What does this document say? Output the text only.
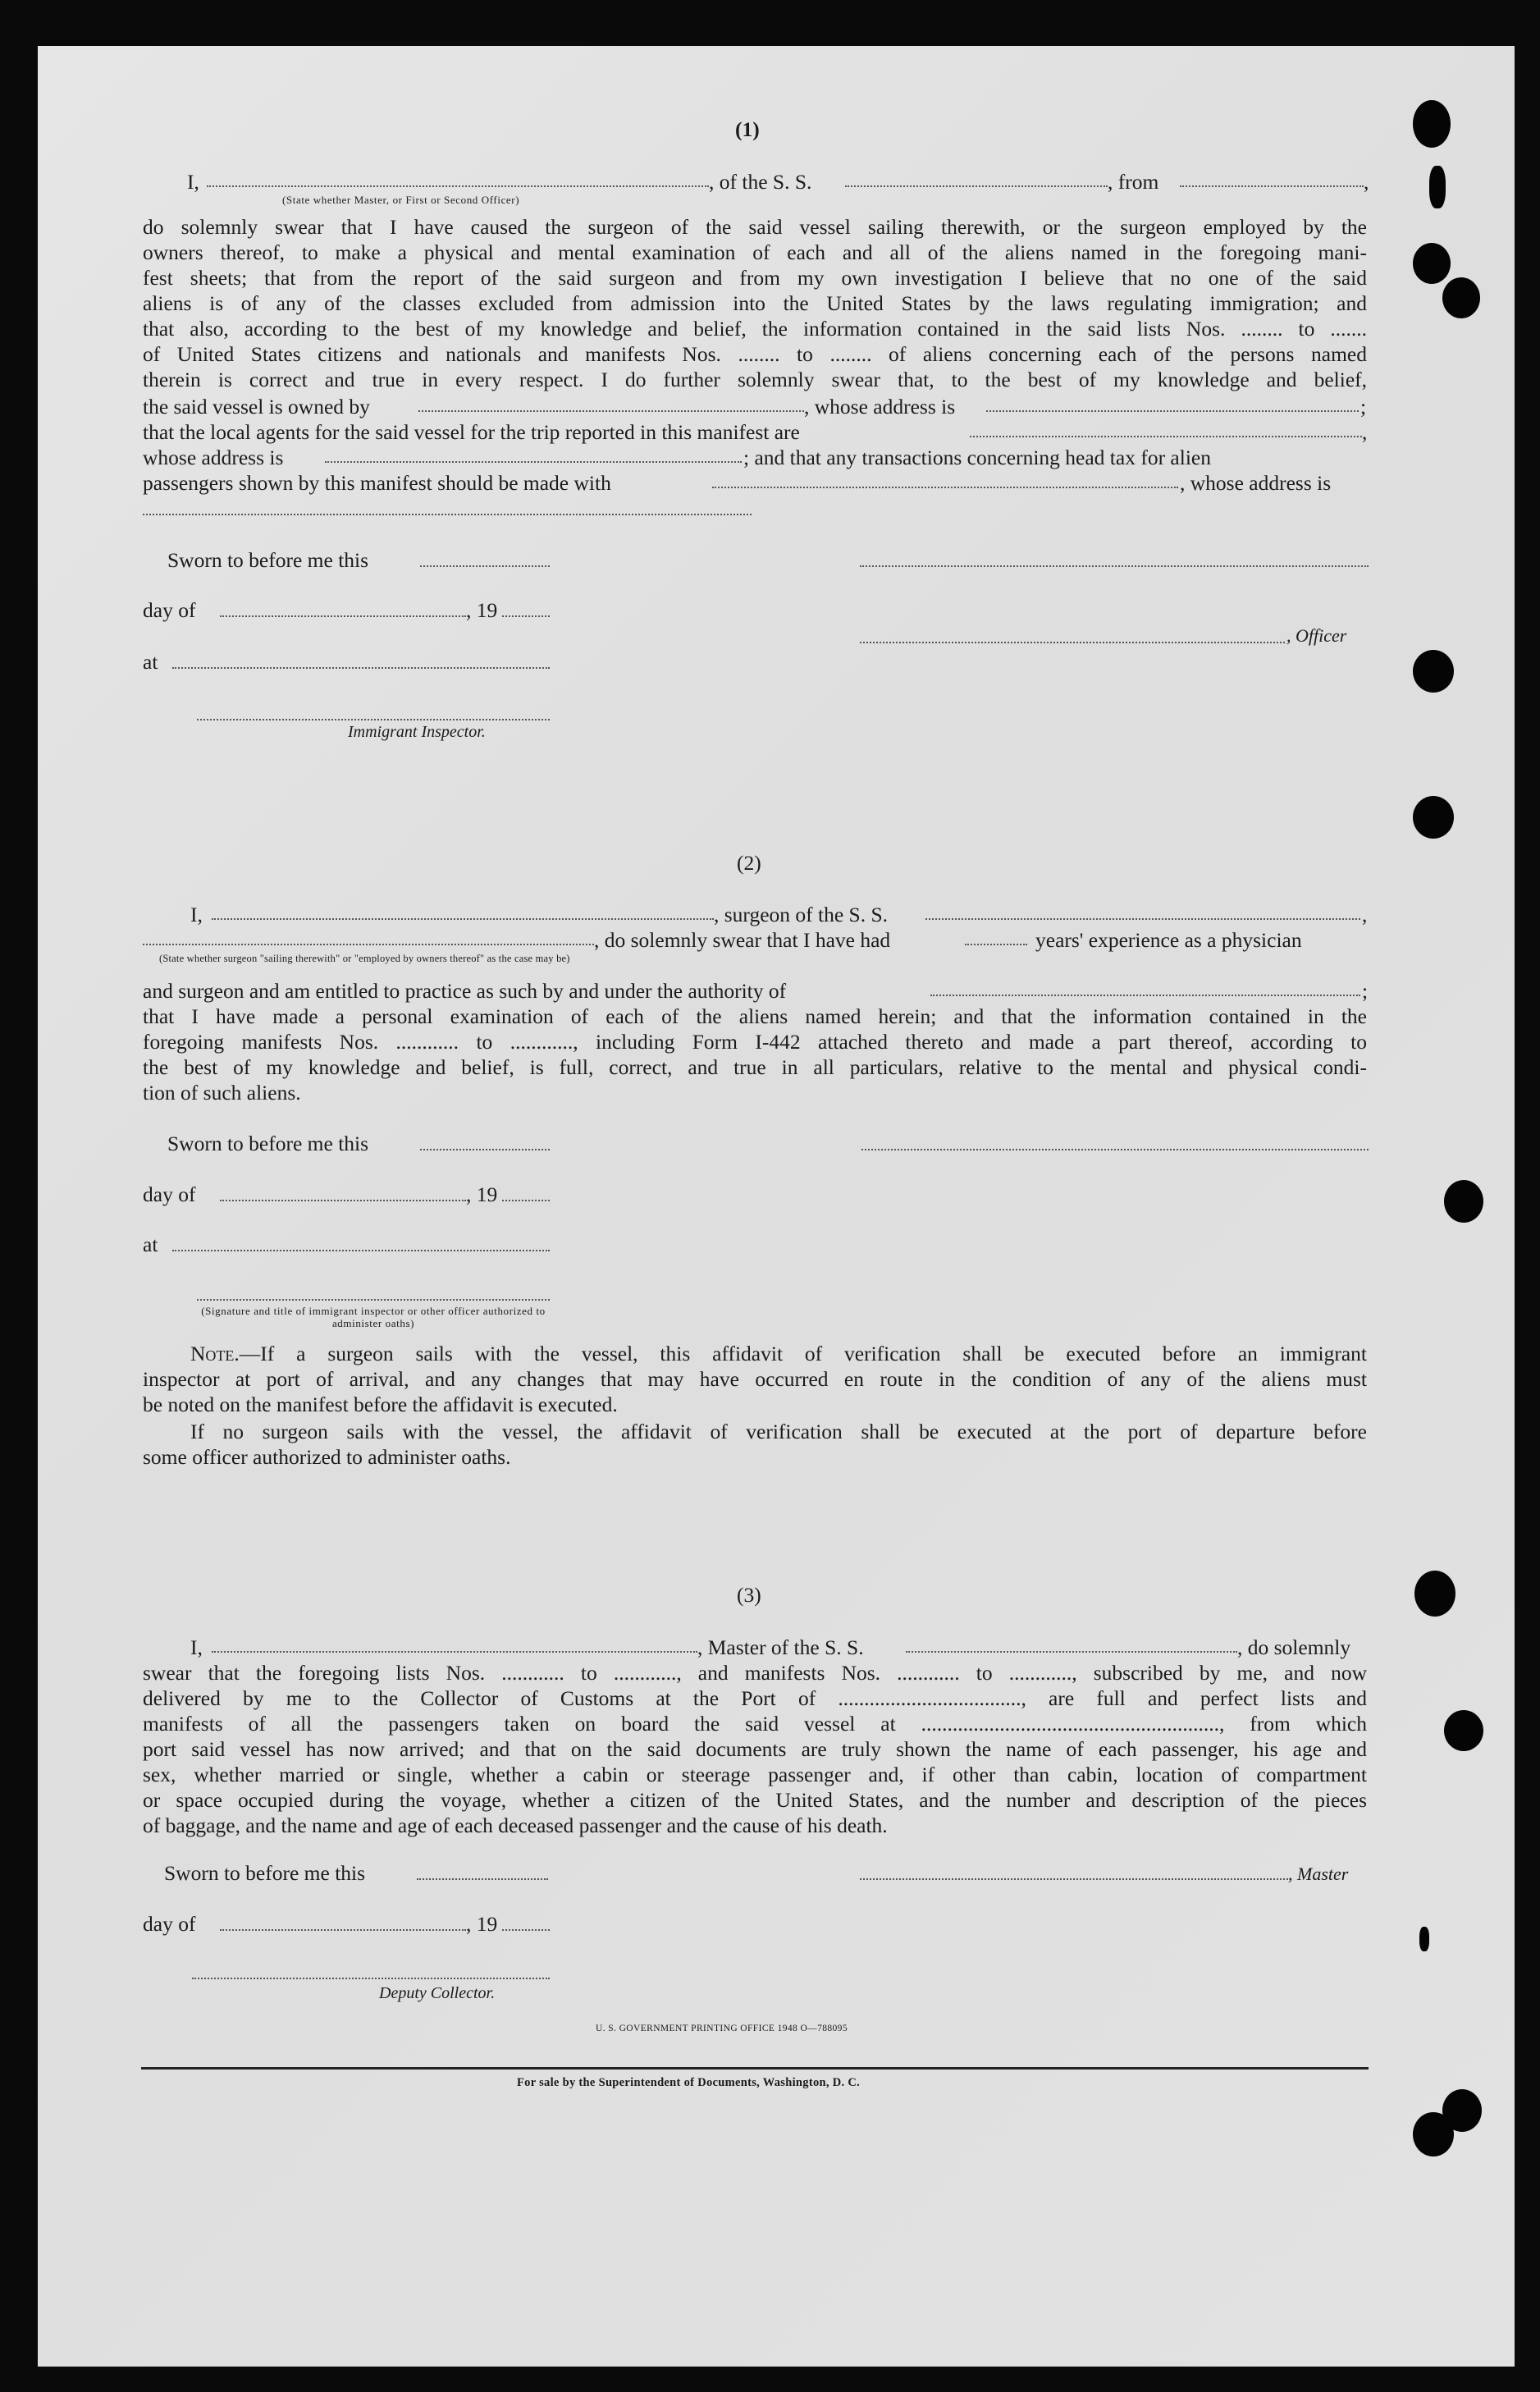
(1)
I,	, of the S. S.	, from	,
(State whether Master, or First or Second Officer)
do solemnly swear that I have caused the surgeon of the said vessel sailing therewith, or the surgeon employed by the
owners thereof, to make a physical and mental examination of each and all of the aliens named in the foregoing mani-
fest sheets; that from the report of the said surgeon and from my own investigation I believe that no one of the said
aliens is of any of the classes excluded from admission into the United States by the laws regulating immigration; and
that also, according to the best of my knowledge and belief, the information contained in the said lists Nos. ........ to .......
of United States citizens and nationals and manifests Nos. ........ to ........ of aliens concerning each of the persons named
therein is correct and true in every respect. I do further solemnly swear that, to the best of my knowledge and belief,
the said vessel is owned by	, whose address is	;
that the local agents for the said vessel for the trip reported in this manifest are	,
whose address is	; and that any transactions concerning head tax for alien
passengers shown by this manifest should be made with	, whose address is
Sworn to before me this
day of	, 19
, Officer
at
Immigrant Inspector.
(2)
I,	, surgeon of the S. S.	,
, do solemnly swear that I have had	years' experience as a physician
(State whether surgeon "sailing therewith" or "employed by owners thereof" as the case may be)
and surgeon and am entitled to practice as such by and under the authority of	;
that I have made a personal examination of each of the aliens named herein; and that the information contained in the
foregoing manifests Nos. ............ to ............, including Form I-442 attached thereto and made a part thereof, according to
the best of my knowledge and belief, is full, correct, and true in all particulars, relative to the mental and physical condi-
tion of such aliens.
Sworn to before me this
day of	, 19
at
(Signature and title of immigrant inspector or other officer authorized to administer oaths)
Note.—If a surgeon sails with the vessel, this affidavit of verification shall be executed before an immigrant
inspector at port of arrival, and any changes that may have occurred en route in the condition of any of the aliens must
be noted on the manifest before the affidavit is executed.
If no surgeon sails with the vessel, the affidavit of verification shall be executed at the port of departure before
some officer authorized to administer oaths.
(3)
I,	, Master of the S. S.	, do solemnly
swear that the foregoing lists Nos. ............ to ............, and manifests Nos. ............ to ............, subscribed by me, and now
delivered by me to the Collector of Customs at the Port of ..................................., are full and perfect lists and
manifests of all the passengers taken on board the said vessel at ........................................................., from which
port said vessel has now arrived; and that on the said documents are truly shown the name of each passenger, his age and
sex, whether married or single, whether a cabin or steerage passenger and, if other than cabin, location of compartment
or space occupied during the voyage, whether a citizen of the United States, and the number and description of the pieces
of baggage, and the name and age of each deceased passenger and the cause of his death.
Sworn to before me this	, Master
day of	, 19
Deputy Collector.
U. S. GOVERNMENT PRINTING OFFICE 1948 O—788095
For sale by the Superintendent of Documents, Washington, D. C.
